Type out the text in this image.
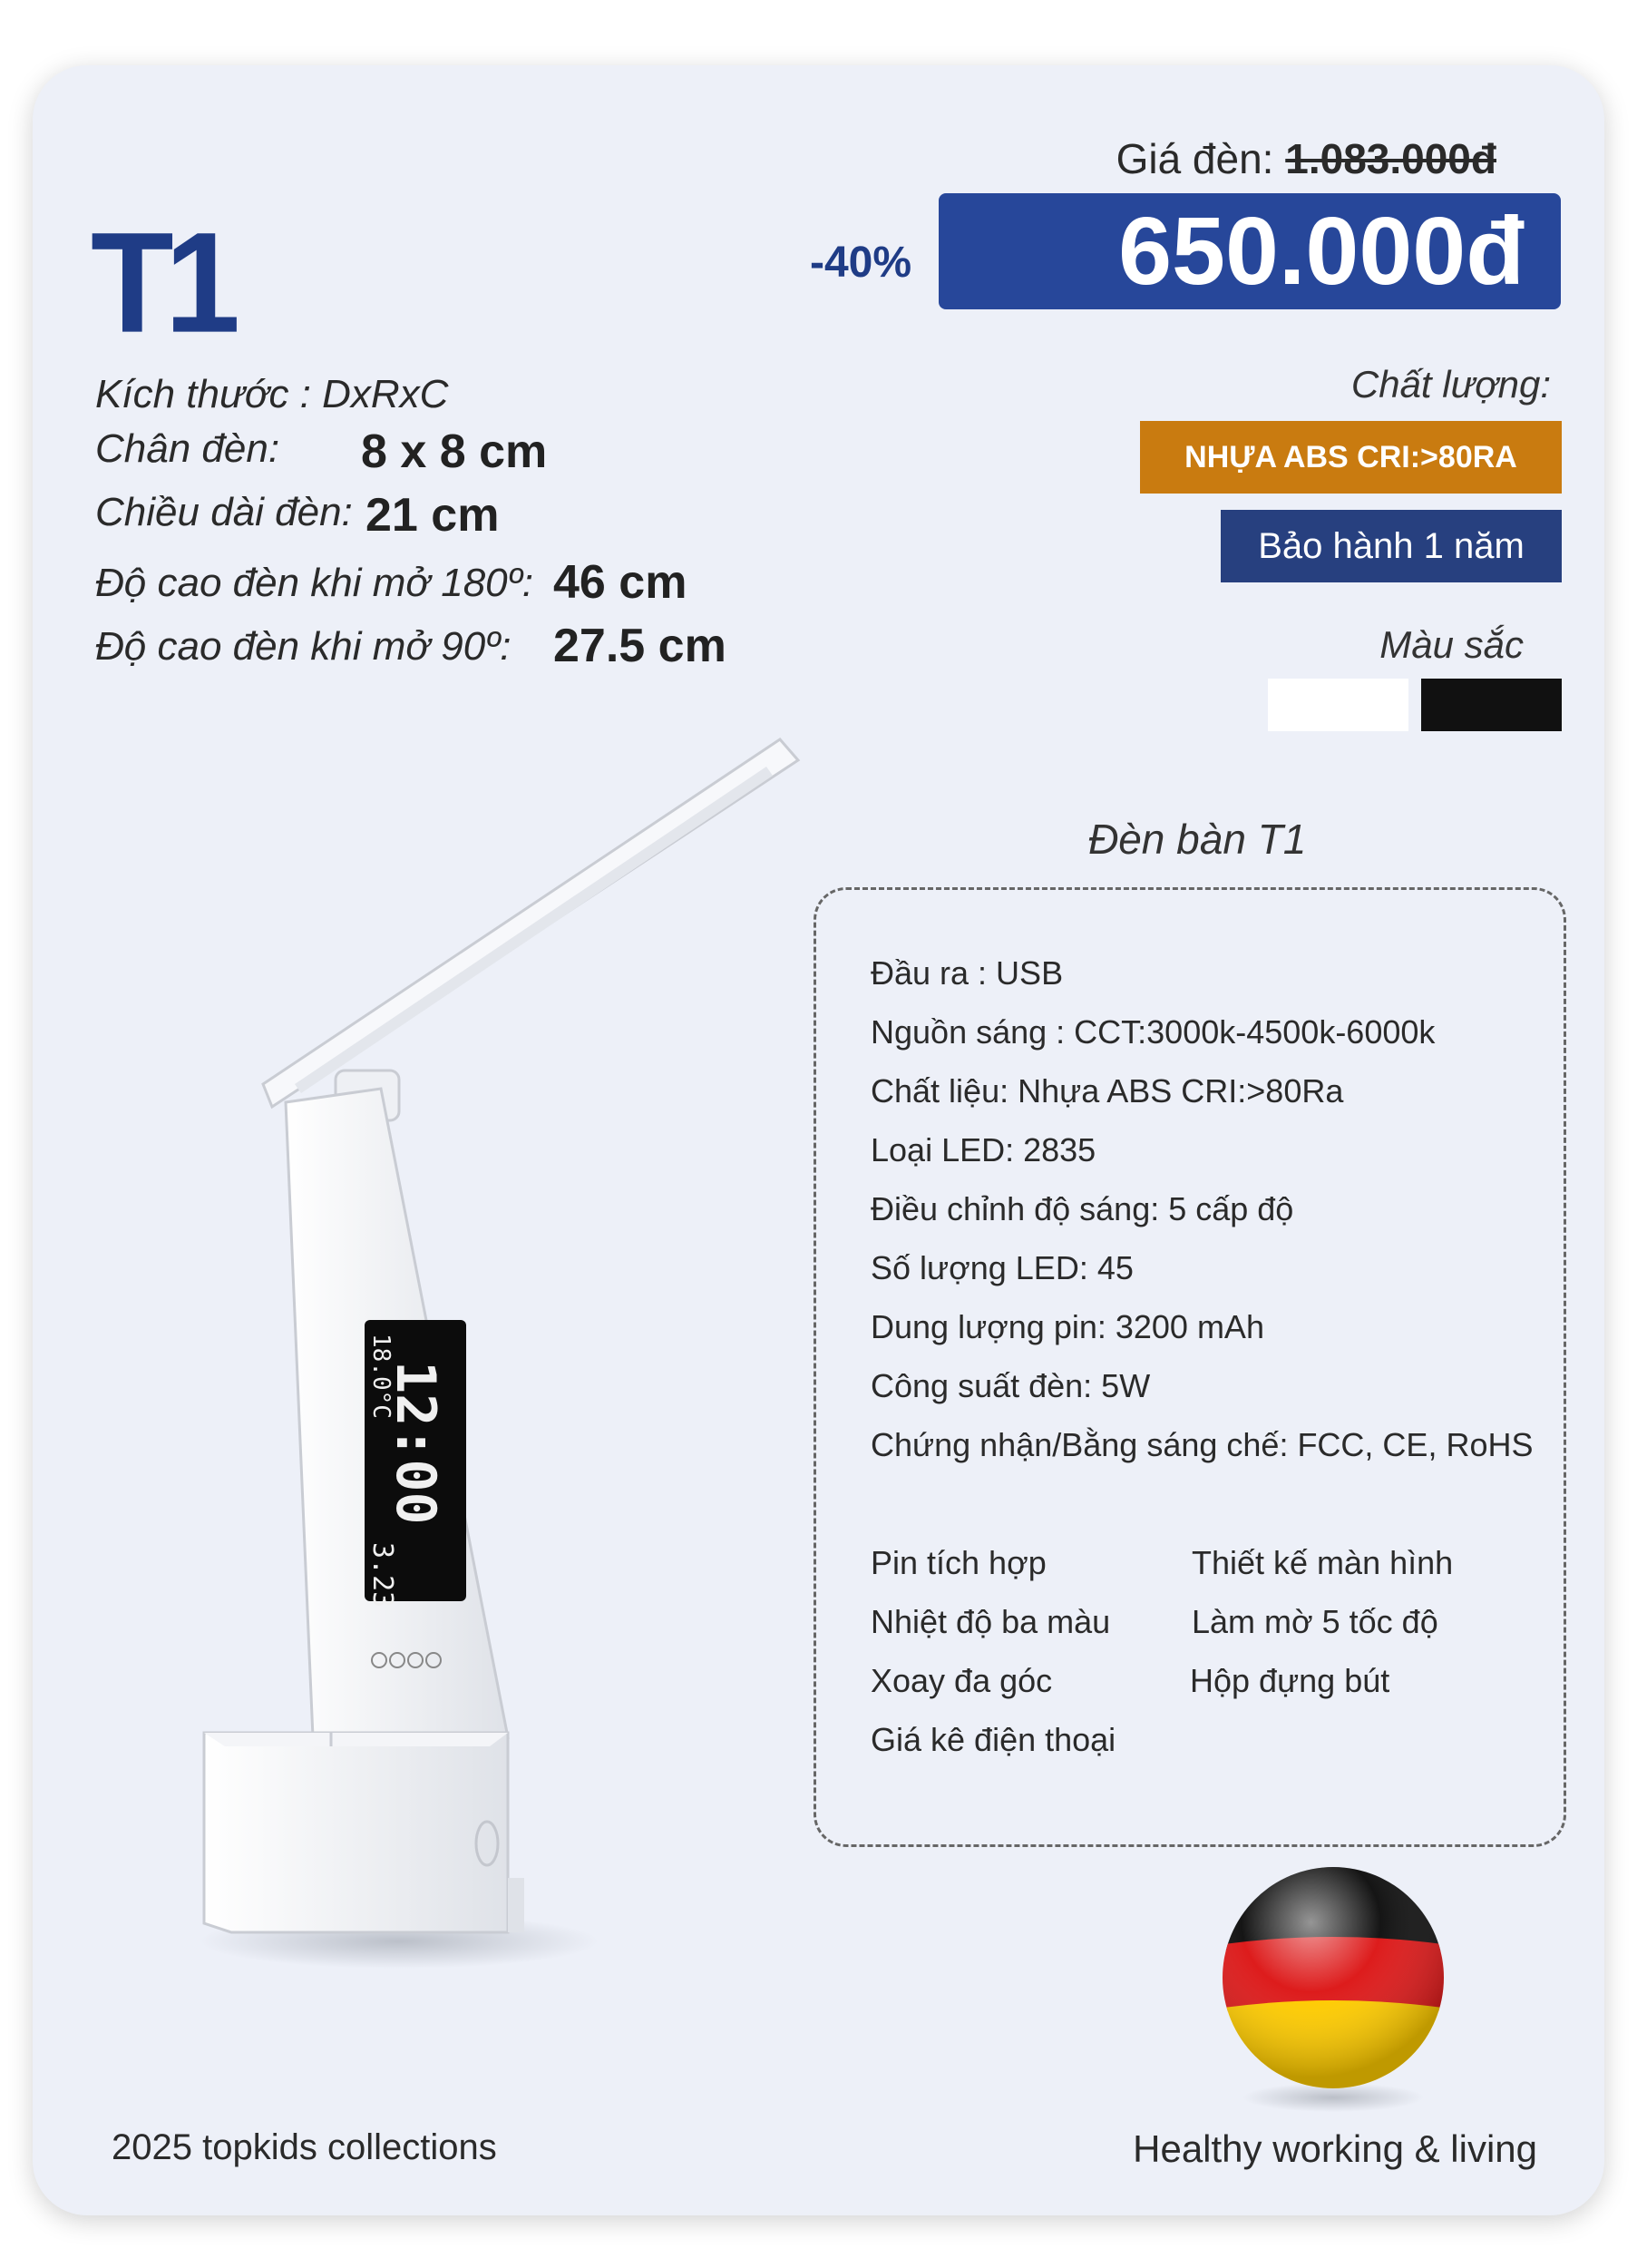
T1
Giá đèn: 1.083.000đ
-40%	650.000đ
Kích thước : DxRxC
Chân đèn: 8 x 8 cm
Chiều dài đèn: 21 cm
Độ cao đèn khi mở 180º: 46 cm
Độ cao đèn khi mở 90º: 27.5 cm
Chất lượng:
NHỰA ABS CRI:>80RA
Bảo hành 1 năm
Màu sắc
12:00
18.0°C
3.23
Đèn bàn T1
Đầu ra : USB
Nguồn sáng : CCT:3000k-4500k-6000k
Chất liệu: Nhựa ABS CRI:>80Ra
Loại LED: 2835
Điều chỉnh độ sáng: 5 cấp độ
Số lượng LED: 45
Dung lượng pin: 3200 mAh
Công suất đèn: 5W
Chứng nhận/Bằng sáng chế: FCC, CE, RoHS
Pin tích hợp
Nhiệt độ ba màu
Xoay đa góc
Giá kê điện thoại
Thiết kế màn hình
Làm mờ 5 tốc độ
Hộp đựng bút
2025 topkids collections	Healthy working & living
